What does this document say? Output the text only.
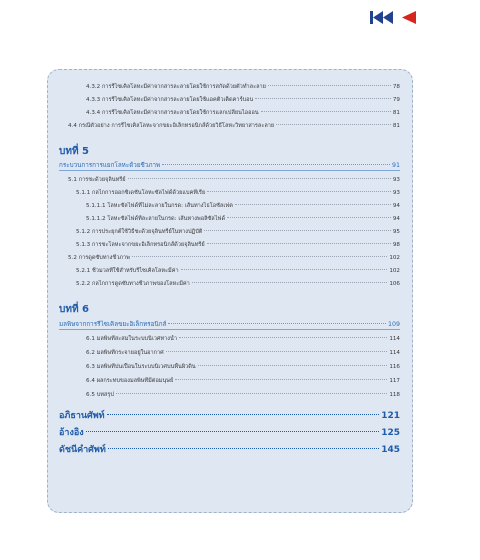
4.3.2 การรีไซเคิลโลหะมีค่าจากสารละลายโดยใช้การสกัดด้วยตัวทำละลาย	78
4.3.3 การรีไซเคิลโลหะมีค่าจากสารละลายโดยใช้แอคติวเต็ดคาร์บอน	79
4.3.4 การรีไซเคิลโลหะมีค่าจากสารละลายโดยใช้การแลกเปลี่ยนไอออน	81
4.4 กรณีตัวอย่าง การรีไซเคิลโลหะจากขยะอิเล็กทรอนิกส์ด้วยวิธีโลหะวิทยาสารละลาย	81
บทที่ 5
กระบวนการการแยกโลหะด้วยชีวภาพ	91
5.1 การชะด้วยจุลินทรีย์	93
5.1.1 กลไกการออกซิเดชันโลหะซัลไฟด์ด้วยแบคทีเรีย	93
5.1.1.1 โลหะซัลไฟด์ที่ไม่ละลายในกรด: เส้นทางไธโอซัลเฟต	94
5.1.1.2 โลหะซัลไฟด์ที่ละลายในกรด: เส้นทางพอลิซัลไฟด์	94
5.1.2 การประยุกต์ใช้วิธีชะด้วยจุลินทรีย์ในทางปฏิบัติ	95
5.1.3 การชะโลหะจากขยะอิเล็กทรอนิกส์ด้วยจุลินทรีย์	98
5.2 การดูดซับทางชีวภาพ	102
5.2.1 ชีวมวลที่ใช้สำหรับรีไซเคิลโลหะมีค่า	102
5.2.2 กลไกการดูดซับทางชีวภาพของโลหะมีค่า	106
บทที่ 6
มลพิษจากการรีไซเคิลขยะอิเล็กทรอนิกส์	109
6.1 มลพิษที่สะสมในระบบนิเวศทางน้ำ	114
6.2 มลพิษที่กระจายอยู่ในอากาศ	114
6.3 มลพิษที่ปนเปื้อนในระบบนิเวศบนพื้นผิวดิน	116
6.4 ผลกระทบของมลพิษที่มีต่อมนุษย์	117
6.5 บทสรุป	118
อภิธานศัพท์	121
อ้างอิง	125
ดัชนีคำศัพท์	145
